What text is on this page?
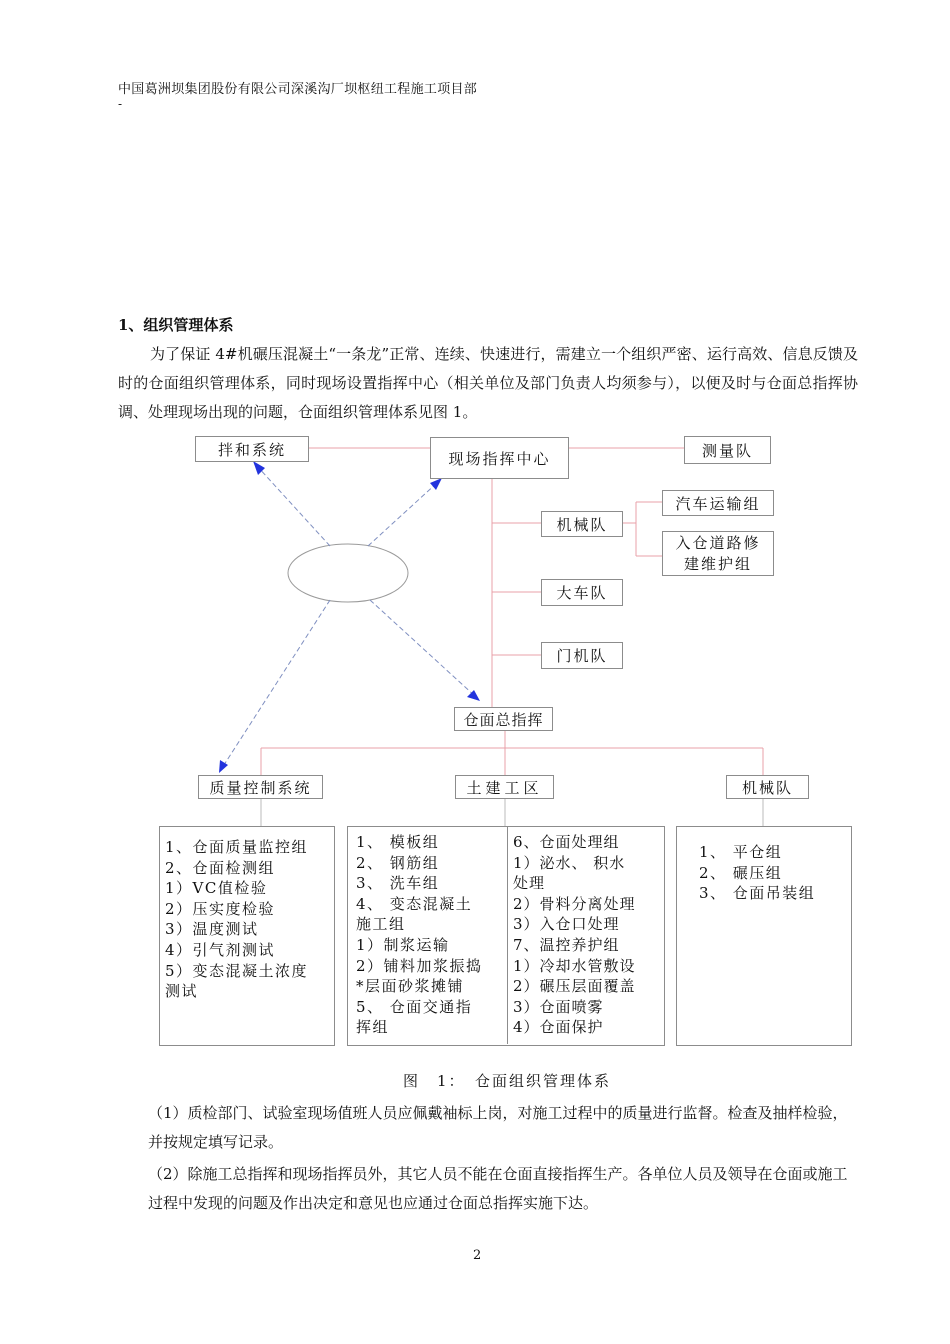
中国葛洲坝集团股份有限公司深溪沟厂坝枢纽工程施工项目部
-
1、组织管理体系
为了保证 4#机碾压混凝土“一条龙”正常、连续、快速进行，需建立一个组织严密、运行高效、信息反馈及时的仓面组织管理体系，同时现场设置指挥中心（相关单位及部门负责人均须参与），以便及时与仓面总指挥协调、处理现场出现的问题，仓面组织管理体系见图 1。
拌和系统	现场指挥中心	测量队
机械队
汽车运输组
入仓道路修
建维护组
大车队
门机队
仓面总指挥
质量控制系统	土建工区	机械队
1、仓面质量监控组
2、仓面检测组
1）VC值检验
2）压实度检验
3）温度测试
4）引气剂测试
5）变态混凝土浓度
测试
1、 模板组
2、 钢筋组
3、 洗车组
4、 变态混凝土
施工组
1）制浆运输
2）铺料加浆振捣
*层面砂浆摊铺
5、 仓面交通指
挥组
6、仓面处理组
1）泌水、 积水
处理
2）骨料分离处理
3）入仓口处理
7、温控养护组
1）冷却水管敷设
2）碾压层面覆盖
3）仓面喷雾
4）仓面保护
1、 平仓组
2、 碾压组
3、 仓面吊装组
图　1：　仓面组织管理体系
（1）质检部门、试验室现场值班人员应佩戴袖标上岗，对施工过程中的质量进行监督。检查及抽样检验，并按规定填写记录。
（2）除施工总指挥和现场指挥员外，其它人员不能在仓面直接指挥生产。各单位人员及领导在仓面或施工过程中发现的问题及作出决定和意见也应通过仓面总指挥实施下达。
2
